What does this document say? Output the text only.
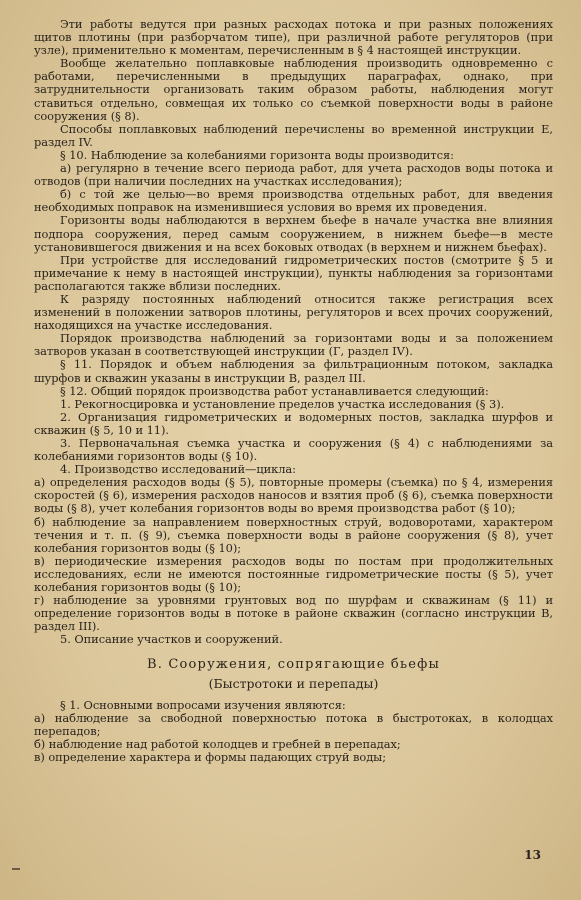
Эти работы ведутся при разных расходах потока и при разных положениях щитов плотины (при разборчатом типе), при различной работе регуляторов (при узле), применительно к моментам, перечисленным в § 4 настоящей инструкции.

Вообще желательно поплавковые наблюдения производить одновременно с работами, перечисленными в предыдущих параграфах, однако, при затруднительности организовать таким образом работы, наблюдения могут ставиться отдельно, совмещая их только со съемкой поверхности воды в районе сооружения (§ 8).

Способы поплавковых наблюдений перечислены во временной инструкции Е, раздел IV.

§ 10. Наблюдение за колебаниями горизонта воды производится:

а) регулярно в течение всего периода работ, для учета расходов воды потока и отводов (при наличии последних на участках исследования);

б) с той же целью—во время производства отдельных работ, для введения необходимых поправок на изменившиеся условия во время их проведения.

Горизонты воды наблюдаются в верхнем бьефе в начале участка вне влияния подпора сооружения, перед самым сооружением, в нижнем бьефе—в месте установившегося движения и на всех боковых отводах (в верхнем и нижнем бьефах).

При устройстве для исследований гидрометрических постов (смотрите § 5 и примечание к нему в настоящей инструкции), пункты наблюдения за горизонтами располагаются также вблизи последних.

К разряду постоянных наблюдений относится также регистрация всех изменений в положении затворов плотины, регуляторов и всех прочих сооружений, находящихся на участке исследования.

Порядок производства наблюдений за горизонтами воды и за положением затворов указан в соответствующей инструкции (Г, раздел IV).

§ 11. Порядок и объем наблюдения за фильтрационным потоком, закладка шурфов и скважин указаны в инструкции В, раздел III.

§ 12. Общий порядок производства работ устанавливается следующий:

1. Рекогносцировка и установление пределов участка исследования (§ 3).

2. Организация гидрометрических и водомерных постов, закладка шурфов и скважин (§ 5, 10 и 11).

3. Первоначальная съемка участка и сооружения (§ 4) с наблюдениями за колебаниями горизонтов воды (§ 10).

4. Производство исследований—цикла:

а) определения расходов воды (§ 5), повторные промеры (съемка) по § 4, измерения скоростей (§ 6), измерения расходов наносов и взятия проб (§ 6), съемка поверхности воды (§ 8), учет колебания горизонтов воды во время производства работ (§ 10);

б) наблюдение за направлением поверхностных струй, водоворотами, характером течения и т. п. (§ 9), съемка поверхности воды в районе сооружения (§ 8), учет колебания горизонтов воды (§ 10);

в) периодические измерения расходов воды по постам при продолжительных исследованиях, если не имеются постоянные гидрометрические посты (§ 5), учет колебания горизонтов воды (§ 10);

г) наблюдение за уровнями грунтовых вод по шурфам и скважинам (§ 11) и определение горизонтов воды в потоке в районе скважин (согласно инструкции В, раздел III).

5. Описание участков и сооружений.

В. Сооружения, сопрягающие бьефы
(Быстротоки и перепады)

§ 1. Основными вопросами изучения являются:

а) наблюдение за свободной поверхностью потока в быстротоках, в колодцах перепадов;

б) наблюдение над работой колодцев и гребней в перепадах;

в) определение характера и формы падающих струй воды;

13
